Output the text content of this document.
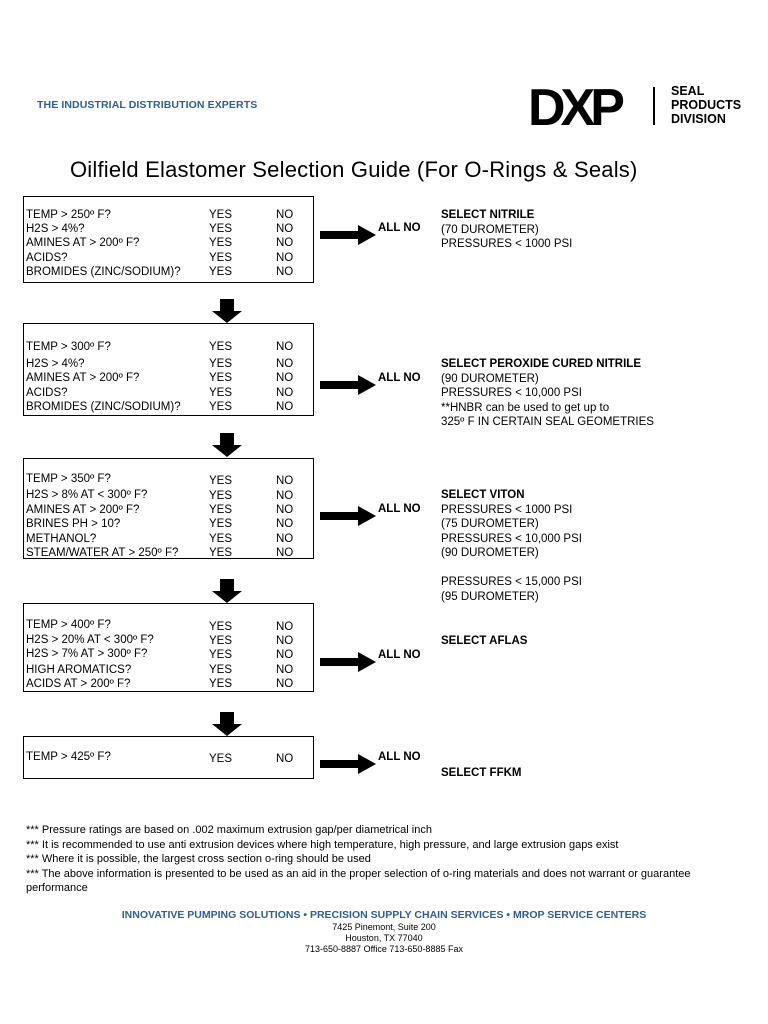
THE INDUSTRIAL DISTRIBUTION EXPERTS	DXP	SEAL
PRODUCTS
DIVISION
Oilfield Elastomer Selection Guide (For O-Rings & Seals)
TEMP > 250º F?	YES	NO
H2S > 4%?	YES	NO
AMINES AT > 200º F?	YES	NO
ACIDS?	YES	NO
BROMIDES (ZINC/SODIUM)?	YES	NO
ALL NO
SELECT NITRILE
(70 DUROMETER)
PRESSURES < 1000 PSI
TEMP > 300º F?	YES	NO
H2S > 4%?	YES	NO
AMINES AT > 200º F?	YES	NO
ACIDS?	YES	NO
BROMIDES (ZINC/SODIUM)?	YES	NO
ALL NO
SELECT PEROXIDE CURED NITRILE
(90 DUROMETER)
PRESSURES < 10,000 PSI
**HNBR can be used to get up to
325º F IN CERTAIN SEAL GEOMETRIES
TEMP > 350º F?	YES	NO
H2S > 8% AT < 300º F?	YES	NO
AMINES AT > 200º F?	YES	NO
BRINES PH > 10?	YES	NO
METHANOL?	YES	NO
STEAM/WATER AT > 250º F?	YES	NO
ALL NO
SELECT VITON
PRESSURES < 1000 PSI
(75 DUROMETER)
PRESSURES < 10,000 PSI
(90 DUROMETER)
PRESSURES < 15,000 PSI
(95 DUROMETER)
TEMP > 400º F?	YES	NO
H2S > 20% AT < 300º F?	YES	NO
H2S > 7% AT > 300º F?	YES	NO
HIGH AROMATICS?	YES	NO
ACIDS AT > 200º F?	YES	NO
ALL NO
SELECT AFLAS
TEMP > 425º F?	YES	NO	ALL NO
SELECT FFKM
*** Pressure ratings are based on .002 maximum extrusion gap/per diametrical inch
*** It is recommended to use anti extrusion devices where high temperature, high pressure, and large extrusion gaps exist
*** Where it is possible, the largest cross section o-ring should be used
*** The above information is presented to be used as an aid in the proper selection of o-ring materials and does not warrant or guarantee performance
INNOVATIVE PUMPING SOLUTIONS • PRECISION SUPPLY CHAIN SERVICES • MROP SERVICE CENTERS
7425 Pinemont, Suite 200
Houston, TX 77040
713-650-8887 Office 713-650-8885 Fax
